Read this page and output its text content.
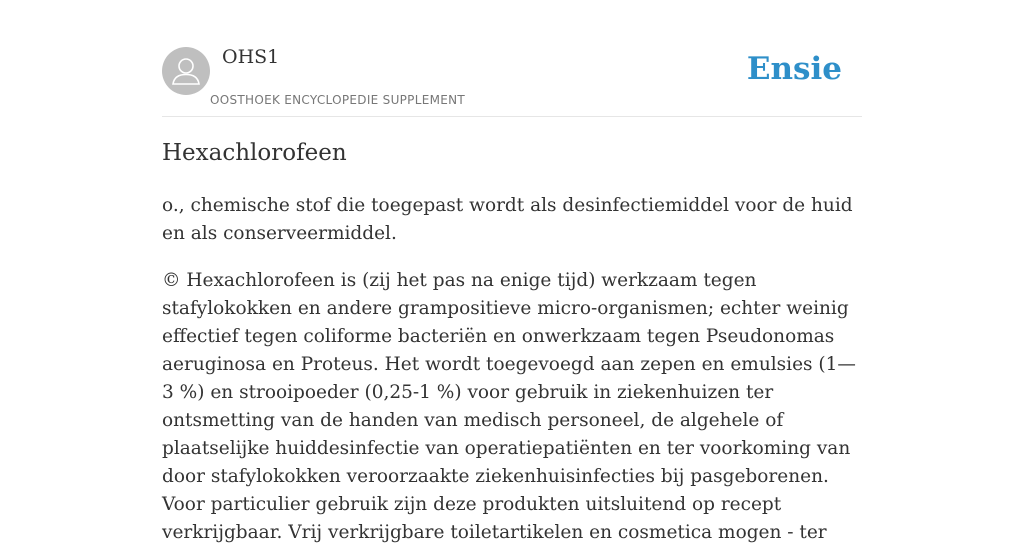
OHS1
OOSTHOEK ENCYCLOPEDIE SUPPLEMENT
Ensie
Hexachlorofeen

o., chemische stof die toegepast wordt als desinfectiemiddel voor de huid en als conserveermiddel.

© Hexachlorofeen is (zij het pas na enige tijd) werkzaam tegen stafylokokken en andere grampositieve micro-organismen; echter weinig effectief tegen coliforme bacteriën en onwerkzaam tegen Pseudonomas aeruginosa en Proteus. Het wordt toegevoegd aan zepen en emulsies (1—3 %) en strooipoeder (0,25-1 %) voor gebruik in ziekenhuizen ter ontsmetting van de handen van medisch personeel, de algehele of plaatselijke huiddesinfectie van operatiepatiënten en ter voorkoming van door stafylokokken veroorzaakte ziekenhuisinfecties bij pasgeborenen. Voor particulier gebruik zijn deze produkten uitsluitend op recept verkrijgbaar. Vrij verkrijgbare toiletartikelen en cosmetica mogen - ter
